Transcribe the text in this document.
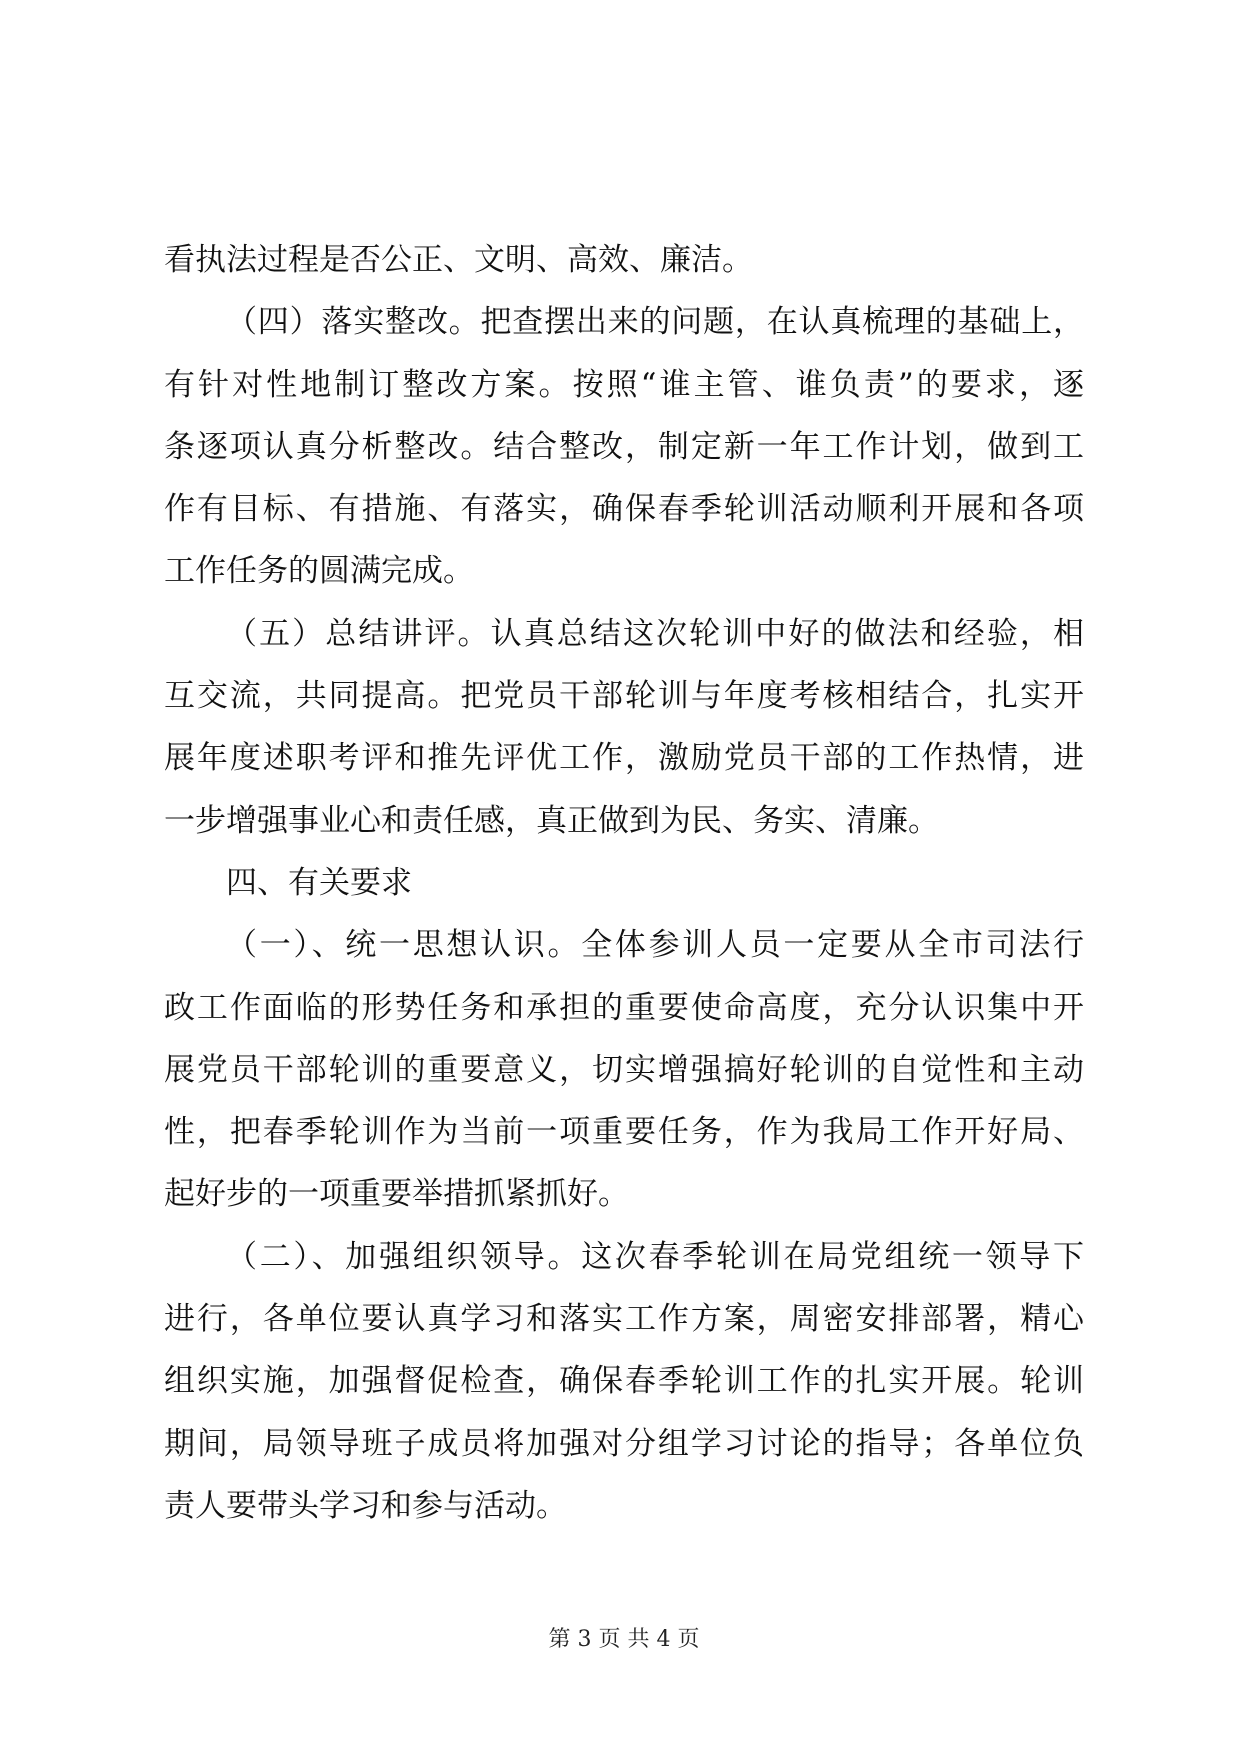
看执法过程是否公正、文明、高效、廉洁。
（四）落实整改。把查摆出来的问题，在认真梳理的基础上，
有针对性地制订整改方案。按照“谁主管、谁负责”的要求，逐
条逐项认真分析整改。结合整改，制定新一年工作计划，做到工
作有目标、有措施、有落实，确保春季轮训活动顺利开展和各项
工作任务的圆满完成。
（五）总结讲评。认真总结这次轮训中好的做法和经验，相
互交流，共同提高。把党员干部轮训与年度考核相结合，扎实开
展年度述职考评和推先评优工作，激励党员干部的工作热情，进
一步增强事业心和责任感，真正做到为民、务实、清廉。
四、有关要求
（一）、统一思想认识。全体参训人员一定要从全市司法行
政工作面临的形势任务和承担的重要使命高度，充分认识集中开
展党员干部轮训的重要意义，切实增强搞好轮训的自觉性和主动
性，把春季轮训作为当前一项重要任务，作为我局工作开好局、
起好步的一项重要举措抓紧抓好。
（二）、加强组织领导。这次春季轮训在局党组统一领导下
进行，各单位要认真学习和落实工作方案，周密安排部署，精心
组织实施，加强督促检查，确保春季轮训工作的扎实开展。轮训
期间，局领导班子成员将加强对分组学习讨论的指导；各单位负
责人要带头学习和参与活动。
第 3 页 共 4 页
